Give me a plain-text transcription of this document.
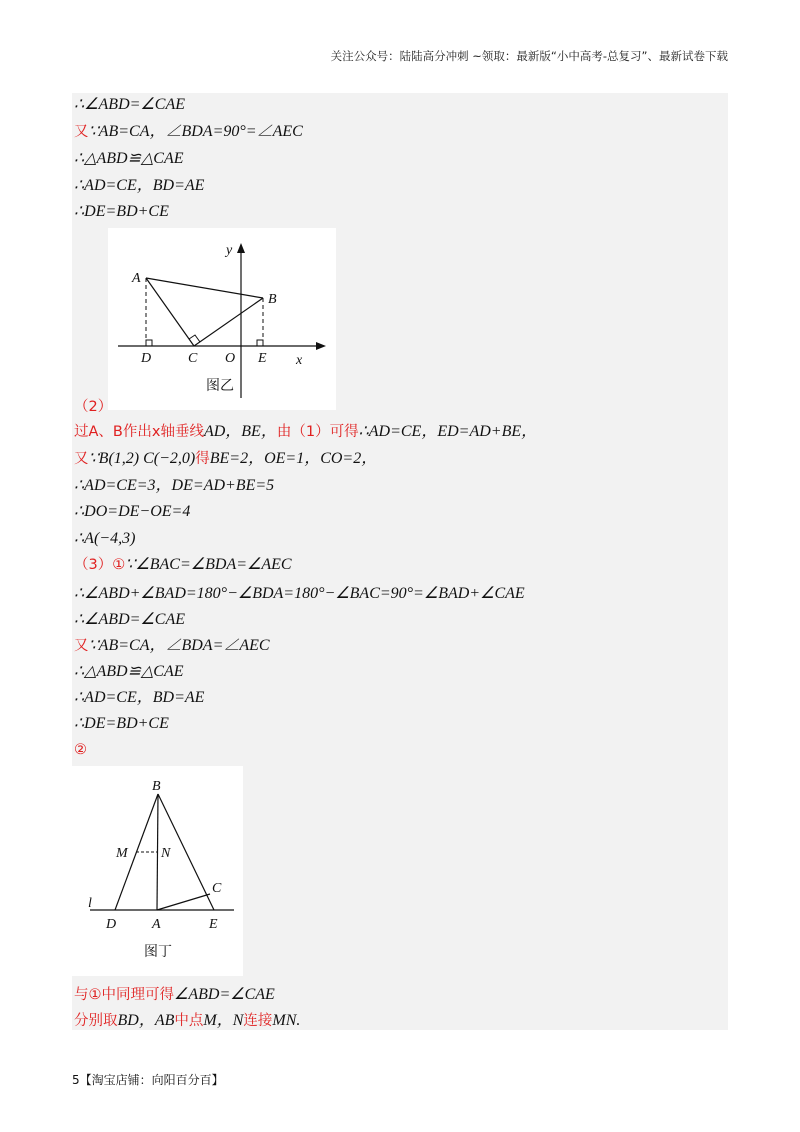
关注公众号：陆陆高分冲刺 ~领取：最新版“小中高考-总复习”、最新试卷下载
∴∠ABD=∠CAE
又∵AB=CA，∠BDA=90°=∠AEC
∴△ABD≌△CAE
∴AD=CE，BD=AE
∴DE=BD+CE
A
B
C
D	E
O	x
y
图乙
（2）
过A、B作出x轴垂线AD，BE，由（1）可得∴AD=CE，ED=AD+BE，
又∵B(1,2) C(−2,0)得BE=2，OE=1，CO=2，
∴AD=CE=3，DE=AD+BE=5
∴DO=DE−OE=4
∴A(−4,3)
（3）①∵∠BAC=∠BDA=∠AEC
∴∠ABD+∠BAD=180°−∠BDA=180°−∠BAC=90°=∠BAD+∠CAE
∴∠ABD=∠CAE
又∵AB=CA，∠BDA=∠AEC
∴△ABD≌△CAE
∴AD=CE，BD=AE
∴DE=BD+CE
②
B
M N
C
l
D	A	E
图丁
与①中同理可得∠ABD=∠CAE
分别取BD，AB中点M，N连接MN.
5【淘宝店铺：向阳百分百】
